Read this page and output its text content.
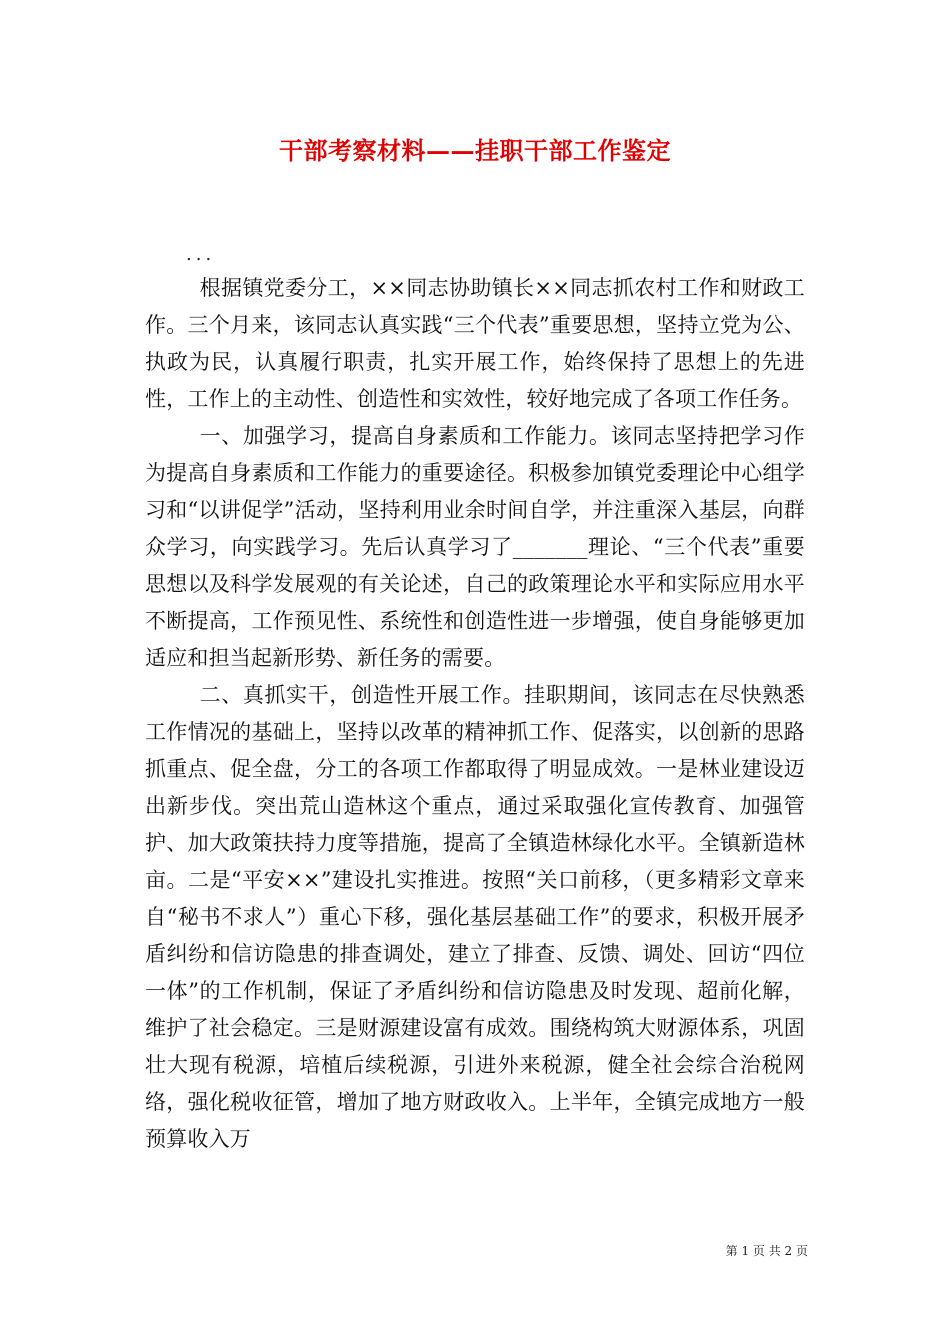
干部考察材料——挂职干部工作鉴定
...

根据镇党委分工，××同志协助镇长××同志抓农村工作和财政工作。三个月来，该同志认真实践“三个代表”重要思想，坚持立党为公、执政为民，认真履行职责，扎实开展工作，始终保持了思想上的先进性，工作上的主动性、创造性和实效性，较好地完成了各项工作任务。

一、加强学习，提高自身素质和工作能力。该同志坚持把学习作为提高自身素质和工作能力的重要途径。积极参加镇党委理论中心组学习和“以讲促学”活动，坚持利用业余时间自学，并注重深入基层，向群众学习，向实践学习。先后认真学习了_______理论、“三个代表”重要思想以及科学发展观的有关论述，自己的政策理论水平和实际应用水平不断提高，工作预见性、系统性和创造性进一步增强，使自身能够更加适应和担当起新形势、新任务的需要。

二、真抓实干，创造性开展工作。挂职期间，该同志在尽快熟悉工作情况的基础上，坚持以改革的精神抓工作、促落实，以创新的思路抓重点、促全盘，分工的各项工作都取得了明显成效。一是林业建设迈出新步伐。突出荒山造林这个重点，通过采取强化宣传教育、加强管护、加大政策扶持力度等措施，提高了全镇造林绿化水平。全镇新造林亩。二是“平安××”建设扎实推进。按照“关口前移，（更多精彩文章来自“秘书不求人”）重心下移，强化基层基础工作”的要求，积极开展矛盾纠纷和信访隐患的排查调处，建立了排查、反馈、调处、回访“四位一体”的工作机制，保证了矛盾纠纷和信访隐患及时发现、超前化解，维护了社会稳定。三是财源建设富有成效。围绕构筑大财源体系，巩固壮大现有税源，培植后续税源，引进外来税源，健全社会综合治税网络，强化税收征管，增加了地方财政收入。上半年，全镇完成地方一般预算收入万

第 1 页 共 2 页
